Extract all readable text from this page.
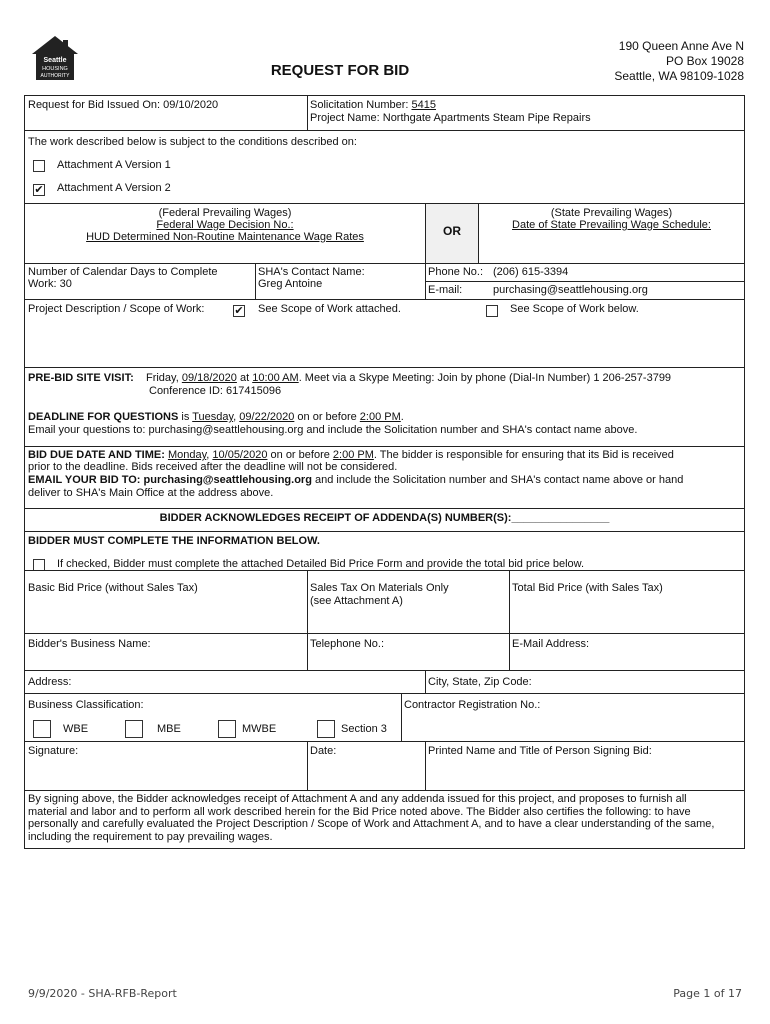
Seattle
HOUSING
AUTHORITY	REQUEST FOR BID
190 Queen Anne Ave N
PO Box 19028
Seattle, WA 98109-1028
Request for Bid Issued On: 09/10/2020	Solicitation Number: 5415
Project Name: Northgate Apartments Steam Pipe Repairs
The work described below is subject to the conditions described on:
Attachment A Version 1
✔ Attachment A Version 2
(Federal Prevailing Wages)
Federal Wage Decision No.:
HUD Determined Non-Routine Maintenance Wage Rates	OR
(State Prevailing Wages)
Date of State Prevailing Wage Schedule:
Number of Calendar Days to Complete
Work: 30
SHA's Contact Name:
Greg Antoine
Phone No.: (206) 615-3394
E-mail:	purchasing@seattlehousing.org
Project Description / Scope of Work:	✔ See Scope of Work attached.	See Scope of Work below.
PRE-BID SITE VISIT: Friday, 09/18/2020 at 10:00 AM. Meet via a Skype Meeting: Join by phone (Dial-In Number) 1 206-257-3799
Conference ID: 617415096
DEADLINE FOR QUESTIONS is Tuesday, 09/22/2020 on or before 2:00 PM.
Email your questions to: purchasing@seattlehousing.org and include the Solicitation number and SHA's contact name above.
BID DUE DATE AND TIME: Monday, 10/05/2020 on or before 2:00 PM. The bidder is responsible for ensuring that its Bid is received
prior to the deadline. Bids received after the deadline will not be considered.
EMAIL YOUR BID TO: purchasing@seattlehousing.org and include the Solicitation number and SHA's contact name above or hand
deliver to SHA's Main Office at the address above.
BIDDER ACKNOWLEDGES RECEIPT OF ADDENDA(S) NUMBER(S):________________
BIDDER MUST COMPLETE THE INFORMATION BELOW.
If checked, Bidder must complete the attached Detailed Bid Price Form and provide the total bid price below.
Basic Bid Price (without Sales Tax)	Sales Tax On Materials Only
(see Attachment A)
Total Bid Price (with Sales Tax)
Bidder's Business Name:	Telephone No.:	E-Mail Address:
Address:	City, State, Zip Code:
Business Classification:	Contractor Registration No.:
WBE	MBE	MWBE	Section 3
Signature:	Date:	Printed Name and Title of Person Signing Bid:
By signing above, the Bidder acknowledges receipt of Attachment A and any addenda issued for this project, and proposes to furnish all
material and labor and to perform all work described herein for the Bid Price noted above. The Bidder also certifies the following: to have
personally and carefully evaluated the Project Description / Scope of Work and Attachment A, and to have a clear understanding of the same,
including the requirement to pay prevailing wages.
9/9/2020 - SHA-RFB-Report	Page 1 of 17
